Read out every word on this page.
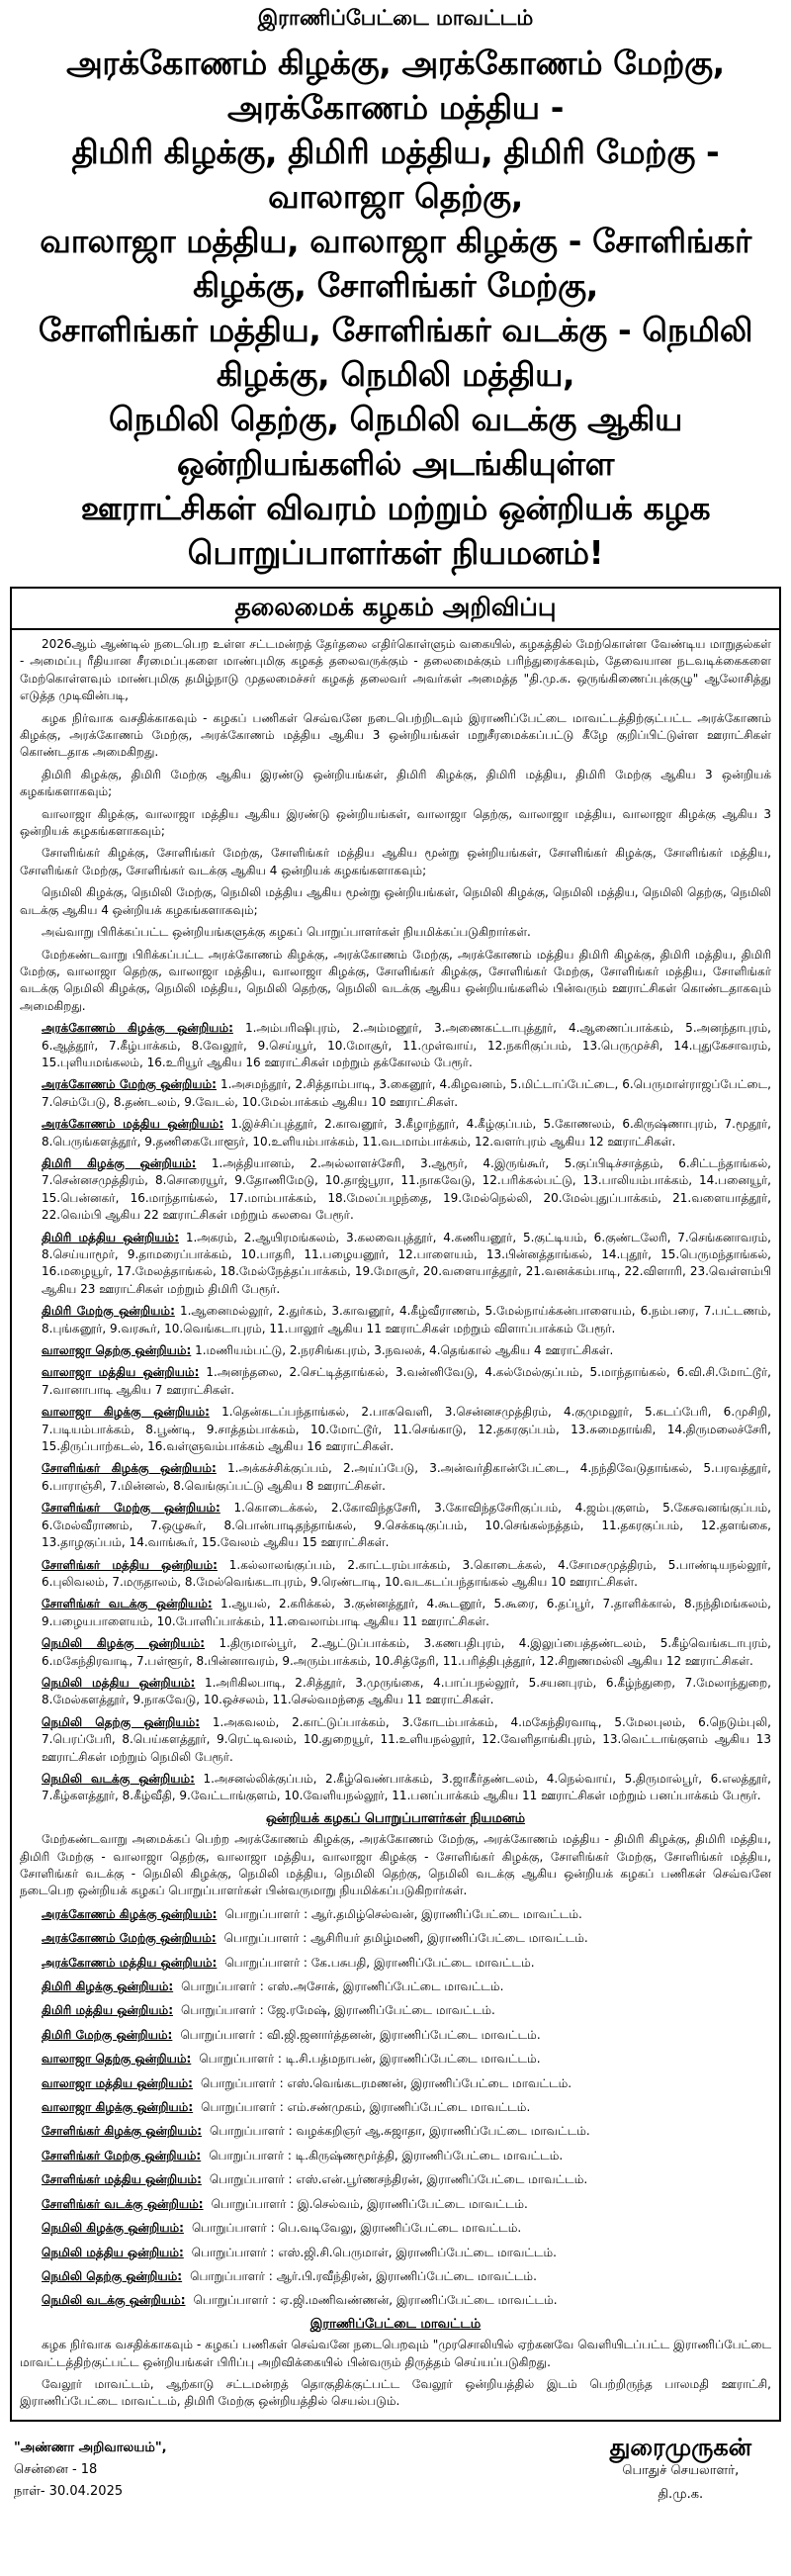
இராணிப்பேட்டை மாவட்டம்
அரக்கோணம் கிழக்கு, அரக்கோணம் மேற்கு, அரக்கோணம் மத்திய -
திமிரி கிழக்கு, திமிரி மத்திய, திமிரி மேற்கு - வாலாஜா தெற்கு,
வாலாஜா மத்திய, வாலாஜா கிழக்கு - சோளிங்கர் கிழக்கு, சோளிங்கர் மேற்கு,
சோளிங்கர் மத்திய, சோளிங்கர் வடக்கு - நெமிலி கிழக்கு, நெமிலி மத்திய,
நெமிலி தெற்கு, நெமிலி வடக்கு ஆகிய ஒன்றியங்களில் அடங்கியுள்ள
ஊராட்சிகள் விவரம் மற்றும் ஒன்றியக் கழக பொறுப்பாளர்கள் நியமனம்!
தலைமைக் கழகம் அறிவிப்பு

2026ஆம் ஆண்டில் நடைபெற உள்ள சட்டமன்றத் தேர்தலை எதிர்கொள்ளும் வகையில், கழகத்தில் மேற்கொள்ள வேண்டிய மாறுதல்கள் - அமைப்பு ரீதியான சீரமைப்புகளை மாண்புமிகு கழகத் தலைவருக்கும் - தலைமைக்கும் பரிந்துரைக்கவும், தேவையான நடவடிக்கைகளை மேற்கொள்ளவும் மாண்புமிகு தமிழ்நாடு முதலமைச்சர் கழகத் தலைவர் அவர்கள் அமைத்த "தி.மு.க. ஒருங்கிணைப்புக்குழு" ஆலோசித்து எடுத்த முடிவின்படி,

கழக நிர்வாக வசதிக்காகவும் - கழகப் பணிகள் செவ்வனே நடைபெற்றிடவும் இராணிப்பேட்டை மாவட்டத்திற்குட்பட்ட அரக்கோணம் கிழக்கு, அரக்கோணம் மேற்கு, அரக்கோணம் மத்திய ஆகிய 3 ஒன்றியங்கள் மறுசீரமைக்கப்பட்டு கீழே குறிப்பிட்டுள்ள ஊராட்சிகள் கொண்டதாக அமைகிறது.

திமிரி கிழக்கு, திமிரி மேற்கு ஆகிய இரண்டு ஒன்றியங்கள், திமிரி கிழக்கு, திமிரி மத்திய, திமிரி மேற்கு ஆகிய 3 ஒன்றியக் கழகங்களாகவும்;

வாலாஜா கிழக்கு, வாலாஜா மத்திய ஆகிய இரண்டு ஒன்றியங்கள், வாலாஜா தெற்கு, வாலாஜா மத்திய, வாலாஜா கிழக்கு ஆகிய 3 ஒன்றியக் கழகங்களாகவும்;

சோளிங்கர் கிழக்கு, சோளிங்கர் மேற்கு, சோளிங்கர் மத்திய ஆகிய மூன்று ஒன்றியங்கள், சோளிங்கர் கிழக்கு, சோளிங்கர் மத்திய, சோளிங்கர் மேற்கு, சோளிங்கர் வடக்கு ஆகிய 4 ஒன்றியக் கழகங்களாகவும்;

நெமிலி கிழக்கு, நெமிலி மேற்கு, நெமிலி மத்திய ஆகிய மூன்று ஒன்றியங்கள், நெமிலி கிழக்கு, நெமிலி மத்திய, நெமிலி தெற்கு, நெமிலி வடக்கு ஆகிய 4 ஒன்றியக் கழகங்களாகவும்;

அவ்வாறு பிரிக்கப்பட்ட ஒன்றியங்களுக்கு கழகப் பொறுப்பாளர்கள் நியமிக்கப்படுகிறார்கள்.

மேற்கண்டவாறு பிரிக்கப்பட்ட அரக்கோணம் கிழக்கு, அரக்கோணம் மேற்கு, அரக்கோணம் மத்திய திமிரி கிழக்கு, திமிரி மத்திய, திமிரி மேற்கு, வாலாஜா தெற்கு, வாலாஜா மத்திய, வாலாஜா கிழக்கு, சோளிங்கர் கிழக்கு, சோளிங்கர் மேற்கு, சோளிங்கர் மத்திய, சோளிங்கர் வடக்கு நெமிலி கிழக்கு, நெமிலி மத்திய, நெமிலி தெற்கு, நெமிலி வடக்கு ஆகிய ஒன்றியங்களில் பின்வரும் ஊராட்சிகள் கொண்டதாகவும் அமைகிறது.

அரக்கோணம் கிழக்கு ஒன்றியம்: 1.அம்பரிஷிபுரம், 2.அம்மனூர், 3.அணைகட்டாபுத்தூர், 4.ஆணைப்பாக்கம், 5.அனந்தாபுரம், 6.ஆத்தூர், 7.கீழ்பாக்கம், 8.வேலூர், 9.செய்யூர், 10.மோசூர், 11.முள்வாய், 12.நகரிகுப்பம், 13.பெருமுச்சி, 14.புதுகேசாவரம், 15.புளியமங்கலம், 16.உரியூர் ஆகிய 16 ஊராட்சிகள் மற்றும் தக்கோலம் பேரூர்.

அரக்கோணம் மேற்கு ஒன்றியம்: 1.அசமந்தூர், 2.சித்தாம்பாடி, 3.கைனூர், 4.கிழவனம், 5.மிட்டாப்பேட்டை, 6.பெருமாள்ராஜப்பேட்டை, 7.செம்பேடு, 8.தண்டலம், 9.வேடல், 10.மேல்பாக்கம் ஆகிய 10 ஊராட்சிகள்.

அரக்கோணம் மத்திய ஒன்றியம்: 1.இச்சிப்புத்தூர், 2.காவனூர், 3.கீழாந்தூர், 4.கீழ்குப்பம், 5.கோணலம், 6.கிருஷ்ணாபுரம், 7.மூதூர், 8.பெருங்களத்தூர், 9.தணிகைபோளூர், 10.உளியம்பாக்கம், 11.வடமாம்பாக்கம், 12.வளர்புரம் ஆகிய 12 ஊராட்சிகள்.

திமிரி கிழக்கு ஒன்றியம்: 1.அத்தியானம், 2.அல்லாளச்சேரி, 3.ஆரூர், 4.இருங்கூர், 5.குப்பிடிச்சாத்தம், 6.சிட்டந்தாங்கல், 7.சென்னசமுத்திரம், 8.சொரையூர், 9.தோணிமேடு, 10.தாஜ்பூரா, 11.நாகவேடு, 12.பரிக்கல்பட்டு, 13.பாலியம்பாக்கம், 14.பனையூர், 15.பென்னகர், 16.மாந்தாங்கல், 17.மாம்பாக்கம், 18.மேலப்பழந்தை, 19.மேல்நெல்லி, 20.மேல்புதுப்பாக்கம், 21.வளையாத்தூர், 22.வெம்பி ஆகிய 22 ஊராட்சிகள் மற்றும் கலவை பேரூர்.

திமிரி மத்திய ஒன்றியம்: 1.அகரம், 2.ஆயிரமங்கலம், 3.கலவைபுத்தூர், 4.கணியனூர், 5.குட்டியம், 6.குண்டலேரி, 7.செங்கனாவரம், 8.செய்யாமூர், 9.தாமரைப்பாக்கம், 10.பாதரி, 11.பழையனூர், 12.பாளையம், 13.பின்னத்தாங்கல், 14.புதூர், 15.பெருமந்தாங்கல், 16.மழையூர், 17.மேலத்தாங்கல், 18.மேல்நேத்தப்பாக்கம், 19.மோசூர், 20.வளையாத்தூர், 21.வனக்கம்பாடி, 22.விளாரி, 23.வெள்ளம்பி ஆகிய 23 ஊராட்சிகள் மற்றும் திமிரி பேரூர்.

திமிரி மேற்கு ஒன்றியம்: 1.ஆனைமல்லூர், 2.துர்கம், 3.காவனூர், 4.கீழ்வீராணம், 5.மேல்நாய்க்கன்பாளையம், 6.நம்பரை, 7.பட்டணம், 8.புங்கனூர், 9.வரகூர், 10.வெங்கடாபுரம், 11.பாலூர் ஆகிய 11 ஊராட்சிகள் மற்றும் விளாப்பாக்கம் பேரூர்.

வாலாஜா தெற்கு ஒன்றியம்: 1.மணியம்பட்டு, 2.நரசிங்கபுரம், 3.நவலக், 4.தெங்கால் ஆகிய 4 ஊராட்சிகள்.

வாலாஜா மத்திய ஒன்றியம்: 1.அனந்தலை, 2.செட்டித்தாங்கல், 3.வன்னிவேடு, 4.கல்மேல்குப்பம், 5.மாந்தாங்கல், 6.வி.சி.மோட்டூர், 7.வானாபாடி ஆகிய 7 ஊராட்சிகள்.

வாலாஜா கிழக்கு ஒன்றியம்: 1.தென்கடப்பந்தாங்கல், 2.பாகவெளி, 3.சென்னசமுத்திரம், 4.குமுமலூர், 5.கடப்பேரி, 6.முசிறி, 7.படியம்பாக்கம், 8.பூண்டி, 9.சாத்தம்பாக்கம், 10.மோட்டூர், 11.செங்காடு, 12.தகரகுப்பம், 13.சுமைதாங்கி, 14.திருமலைச்சேரி, 15.திருப்பாற்கடல், 16.வள்ளுவம்பாக்கம் ஆகிய 16 ஊராட்சிகள்.

சோளிங்கர் கிழக்கு ஒன்றியம்: 1.அக்கச்சிக்குப்பம், 2.அய்ப்பேடு, 3.அன்வர்திகான்பேட்டை, 4.நந்திவேடுதாங்கல், 5.பரவத்தூர், 6.பாராஞ்சி, 7.மின்னல், 8.வெங்குப்பட்டு ஆகிய 8 ஊராட்சிகள்.

சோளிங்கர் மேற்கு ஒன்றியம்: 1.கொடைக்கல், 2.கோவிந்தசேரி, 3.கோவிந்தசேரிகுப்பம், 4.ஜம்புகுளம், 5.கேசவனங்குப்பம், 6.மேல்வீராணம், 7.ஒழுகூர், 8.பொன்பாடிதந்தாங்கல், 9.செக்கடிகுப்பம், 10.செங்கல்நத்தம், 11.தகரகுப்பம், 12.தளங்கை, 13.தாழகுப்பம், 14.வாங்கூர், 15.வேலம் ஆகிய 15 ஊராட்சிகள்.

சோளிங்கர் மத்திய ஒன்றியம்: 1.கல்லாலங்குப்பம், 2.காட்டரம்பாக்கம், 3.கொடைக்கல், 4.சோமசமுத்திரம், 5.பாண்டியநல்லூர், 6.புலிவலம், 7.மருதாலம், 8.மேல்வெங்கடாபுரம், 9.ரெண்டாடி, 10.வடகடப்பந்தாங்கல் ஆகிய 10 ஊராட்சிகள்.

சோளிங்கர் வடக்கு ஒன்றியம்: 1.ஆயல், 2.கரிக்கல், 3.குன்னத்தூர், 4.கூடனூர், 5.கூரை, 6.தப்பூர், 7.தாளிக்கால், 8.நந்திமங்கலம், 9.பழையபாளையம், 10.போளிப்பாக்கம், 11.வைலாம்பாடி ஆகிய 11 ஊராட்சிகள்.

நெமிலி கிழக்கு ஒன்றியம்: 1.திருமால்பூர், 2.ஆட்டுப்பாக்கம், 3.கணபதிபுரம், 4.இலுப்பைத்தண்டலம், 5.கீழ்வெங்கடாபுரம், 6.மகேந்திரவாடி, 7.பள்ளூர், 8.பின்னாவரம், 9.அரும்பாக்கம், 10.சித்தேரி, 11.பரித்திபுத்தூர், 12.சிறுணமல்லி ஆகிய 12 ஊராட்சிகள்.

நெமிலி மத்திய ஒன்றியம்: 1.அரிகிலபாடி, 2.சித்தூர், 3.முருங்கை, 4.பாப்பநல்லூர், 5.சயனபுரம், 6.கீழ்ந்துறை, 7.மேலாந்துறை, 8.மேல்களத்தூர், 9.நாகவேடு, 10.ஒச்சலம், 11.செல்வமந்தை ஆகிய 11 ஊராட்சிகள்.

நெமிலி தெற்கு ஒன்றியம்: 1.அகவலம், 2.காட்டுப்பாக்கம், 3.கோடம்பாக்கம், 4.மகேந்திரவாடி, 5.மேலபுலம், 6.நெடும்புலி, 7.பெரப்பேரி, 8.பெய்களத்தூர், 9.ரெட்டிவலம், 10.துறையூர், 11.உளியநல்லூர், 12.வேளிதாங்கிபுரம், 13.வெட்டாங்குளம் ஆகிய 13 ஊராட்சிகள் மற்றும் நெமிலி பேரூர்.

நெமிலி வடக்கு ஒன்றியம்: 1.அசனல்லிக்குப்பம், 2.கீழ்வெண்பாக்கம், 3.ஜாகீர்தண்டலம், 4.நெல்வாய், 5.திருமால்பூர், 6.எலத்தூர், 7.கீழ்களத்தூர், 8.கீழ்வீதி, 9.வேட்டாங்குளம், 10.வேளியநல்லூர், 11.பனப்பாக்கம் ஆகிய 11 ஊராட்சிகள் மற்றும் பனப்பாக்கம் பேரூர்.

ஒன்றியக் கழகப் பொறுப்பாளர்கள் நியமனம்

மேற்கண்டவாறு அமைக்கப் பெற்ற அரக்கோணம் கிழக்கு, அரக்கோணம் மேற்கு, அரக்கோணம் மத்திய - திமிரி கிழக்கு, திமிரி மத்திய, திமிரி மேற்கு - வாலாஜா தெற்கு, வாலாஜா மத்திய, வாலாஜா கிழக்கு - சோளிங்கர் கிழக்கு, சோளிங்கர் மேற்கு, சோளிங்கர் மத்திய, சோளிங்கர் வடக்கு - நெமிலி கிழக்கு, நெமிலி மத்திய, நெமிலி தெற்கு, நெமிலி வடக்கு ஆகிய ஒன்றியக் கழகப் பணிகள் செவ்வனே நடைபெற ஒன்றியக் கழகப் பொறுப்பாளர்கள் பின்வருமாறு நியமிக்கப்படுகிறார்கள்.

அரக்கோணம் கிழக்கு ஒன்றியம்: பொறுப்பாளர் : ஆர்.தமிழ்செல்வன், இராணிப்பேட்டை மாவட்டம்.

அரக்கோணம் மேற்கு ஒன்றியம்: பொறுப்பாளர் : ஆசிரியர் தமிழ்மணி, இராணிப்பேட்டை மாவட்டம்.

அரக்கோணம் மத்திய ஒன்றியம்: பொறுப்பாளர் : கே.பசுபதி, இராணிப்பேட்டை மாவட்டம்.

திமிரி கிழக்கு ஒன்றியம்: பொறுப்பாளர் : எஸ்.அசோக், இராணிப்பேட்டை மாவட்டம்.

திமிரி மத்திய ஒன்றியம்: பொறுப்பாளர் : ஜே.ரமேஷ், இராணிப்பேட்டை மாவட்டம்.

திமிரி மேற்கு ஒன்றியம்: பொறுப்பாளர் : வி.ஜி.ஜனார்த்தனன், இராணிப்பேட்டை மாவட்டம்.

வாலாஜா தெற்கு ஒன்றியம்: பொறுப்பாளர் : டி.சி.பத்மநாபன், இராணிப்பேட்டை மாவட்டம்.

வாலாஜா மத்திய ஒன்றியம்: பொறுப்பாளர் : எஸ்.வெங்கடரமணன், இராணிப்பேட்டை மாவட்டம்.

வாலாஜா கிழக்கு ஒன்றியம்: பொறுப்பாளர் : எம்.சண்முகம், இராணிப்பேட்டை மாவட்டம்.

சோளிங்கர் கிழக்கு ஒன்றியம்: பொறுப்பாளர் : வழக்கறிஞர் ஆ.சுஜாதா, இராணிப்பேட்டை மாவட்டம்.

சோளிங்கர் மேற்கு ஒன்றியம்: பொறுப்பாளர் : டி.கிருஷ்ணமூர்த்தி, இராணிப்பேட்டை மாவட்டம்.

சோளிங்கர் மத்திய ஒன்றியம்: பொறுப்பாளர் : எஸ்.என்.பூர்ணசந்திரன், இராணிப்பேட்டை மாவட்டம்.

சோளிங்கர் வடக்கு ஒன்றியம்: பொறுப்பாளர் : இ.செல்வம், இராணிப்பேட்டை மாவட்டம்.

நெமிலி கிழக்கு ஒன்றியம்: பொறுப்பாளர் : பெ.வடிவேலு, இராணிப்பேட்டை மாவட்டம்.

நெமிலி மத்திய ஒன்றியம்: பொறுப்பாளர் : எஸ்.ஜி.சி.பெருமாள், இராணிப்பேட்டை மாவட்டம்.

நெமிலி தெற்கு ஒன்றியம்: பொறுப்பாளர் : ஆர்.பி.ரவீந்திரன், இராணிப்பேட்டை மாவட்டம்.

நெமிலி வடக்கு ஒன்றியம்: பொறுப்பாளர் : ஏ.ஜி.மணிவண்ணன், இராணிப்பேட்டை மாவட்டம்.

இராணிப்பேட்டை மாவட்டம்

கழக நிர்வாக வசதிக்காகவும் - கழகப் பணிகள் செவ்வனே நடைபெறவும் "முரசொலியில் ஏற்கனவே வெளியிடப்பட்ட இராணிப்பேட்டை மாவட்டத்திற்குட்பட்ட ஒன்றியங்கள் பிரிப்பு அறிவிக்கையில் பின்வரும் திருத்தம் செய்யப்படுகிறது.

வேலூர் மாவட்டம், ஆற்காடு சட்டமன்றத் தொகுதிக்குட்பட்ட வேலூர் ஒன்றியத்தில் இடம் பெற்றிருந்த பாலமதி ஊராட்சி, இராணிப்பேட்டை மாவட்டம், திமிரி மேற்கு ஒன்றியத்தில் செயல்படும்.

"அண்ணா அறிவாலயம்",
சென்னை - 18
நாள்- 30.04.2025
துரைமுருகன்
பொதுச் செயலாளர்,
தி.மு.க.
